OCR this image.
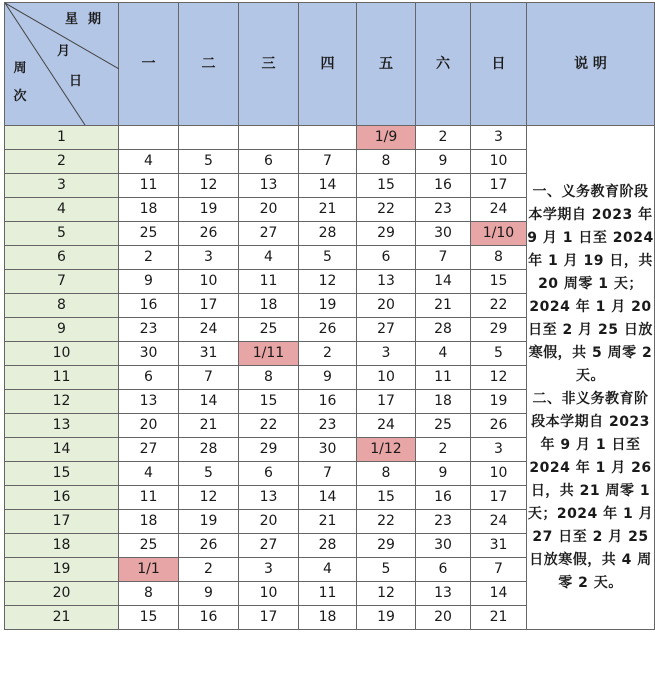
星期
月
日
周次	一	二	三	四	五	六	日	说 明
1					1/9	2	3	一、义务教育阶段本学期自 2023 年 9 月 1 日至 2024 年 1 月 19 日，共 20 周零 1 天；2024 年 1 月 20 日至 2 月 25 日放寒假，共 5 周零 2 天。

二、非义务教育阶段本学期自 2023 年 9 月 1 日至 2024 年 1 月 26 日，共 21 周零 1 天；2024 年 1 月 27 日至 2 月 25 日放寒假，共 4 周零 2 天。

2	4	5	6	7	8	9	10	
3	11	12	13	14	15	16	17	
4	18	19	20	21	22	23	24	
5	25	26	27	28	29	30	1/10	
6	2	3	4	5	6	7	8	
7	9	10	11	12	13	14	15	
8	16	17	18	19	20	21	22	
9	23	24	25	26	27	28	29	
10	30	31	1/11	2	3	4	5	
11	6	7	8	9	10	11	12	
12	13	14	15	16	17	18	19	
13	20	21	22	23	24	25	26	
14	27	28	29	30	1/12	2	3	
15	4	5	6	7	8	9	10	
16	11	12	13	14	15	16	17	
17	18	19	20	21	22	23	24	
18	25	26	27	28	29	30	31	
19	1/1	2	3	4	5	6	7	
20	8	9	10	11	12	13	14	
21	15	16	17	18	19	20	21	
